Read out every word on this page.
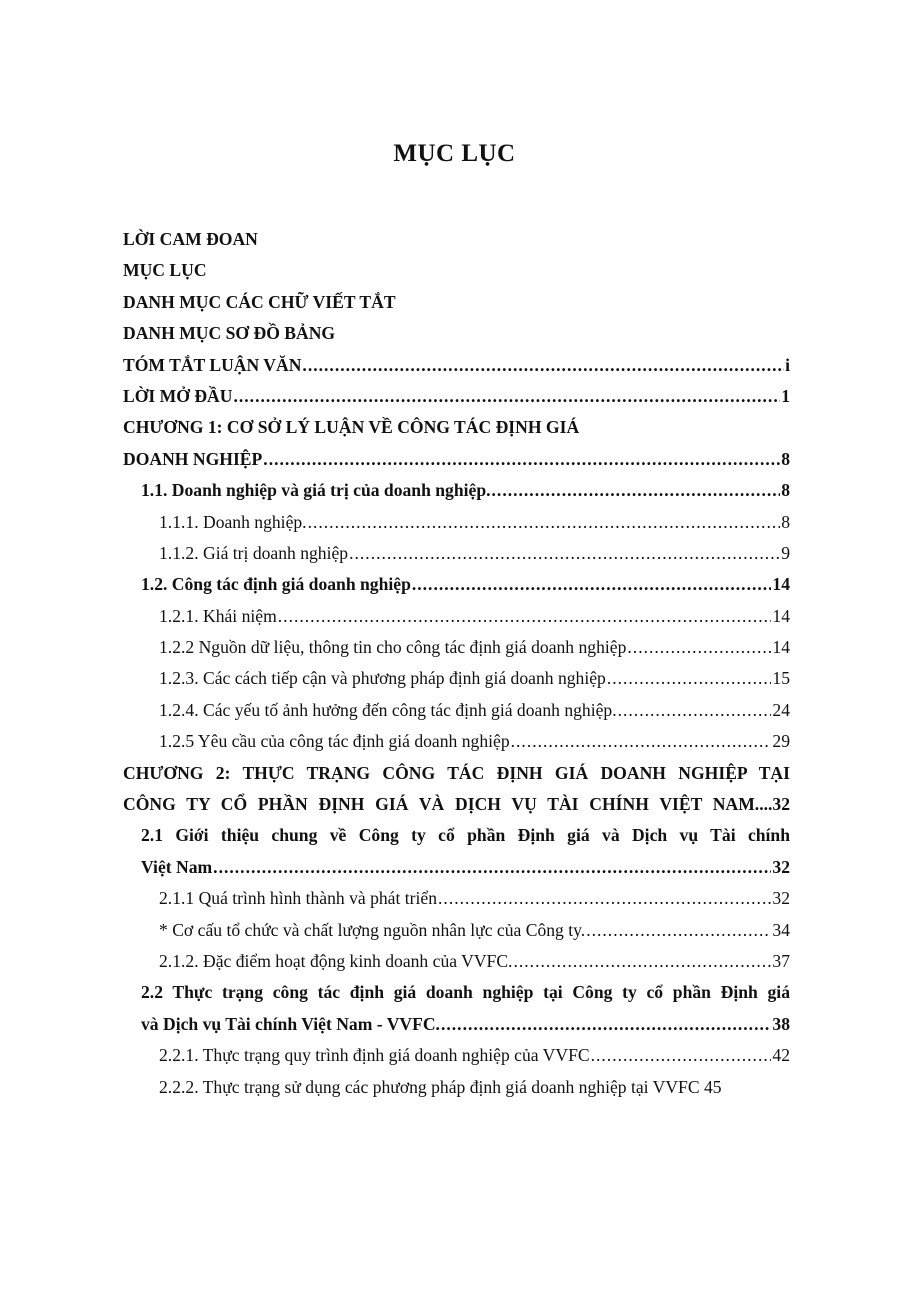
MỤC LỤC
LỜI CAM ĐOAN
MỤC LỤC
DANH MỤC CÁC CHỮ VIẾT TẮT
DANH MỤC SƠ ĐỒ BẢNG
TÓM TẮT LUẬN VĂN .....	i
LỜI MỞ ĐẦU .....	1
CHƯƠNG 1: CƠ SỞ LÝ LUẬN VỀ CÔNG TÁC ĐỊNH GIÁ
DOANH NGHIỆP .....	8
1.1. Doanh nghiệp và giá trị của doanh nghiệp. .....	8
1.1.1. Doanh nghiệp. .....	8
1.1.2. Giá trị doanh nghiệp .....	9
1.2. Công tác định giá doanh nghiệp .....	14
1.2.1. Khái niệm .....	14
1.2.2 Nguồn dữ liệu, thông tin cho công tác định giá doanh nghiệp .....	14
1.2.3. Các cách tiếp cận và phương pháp định giá doanh nghiệp .....	15
1.2.4. Các yếu tố ảnh hưởng đến công tác định giá doanh nghiệp. .....	24
1.2.5 Yêu cầu của công tác định giá doanh nghiệp .....	29
CHƯƠNG 2: THỰC TRẠNG CÔNG TÁC ĐỊNH GIÁ DOANH NGHIỆP TẠI
CÔNG TY CỔ PHẦN ĐỊNH GIÁ VÀ DỊCH VỤ TÀI CHÍNH VIỆT NAM....32
2.1 Giới thiệu chung về Công ty cổ phần Định giá và Dịch vụ Tài chính
Việt Nam .....	32
2.1.1 Quá trình hình thành và phát triển .....	32
* Cơ cấu tổ chức và chất lượng nguồn nhân lực của Công ty. .....	34
2.1.2. Đặc điểm hoạt động kinh doanh của VVFC. .....	37
2.2 Thực trạng công tác định giá doanh nghiệp tại Công ty cổ phần Định giá
và Dịch vụ Tài chính Việt Nam - VVFC. .....	38
2.2.1. Thực trạng quy trình định giá doanh nghiệp của VVFC .....	42
2.2.2. Thực trạng sử dụng các phương pháp định giá doanh nghiệp tại VVFC 45
